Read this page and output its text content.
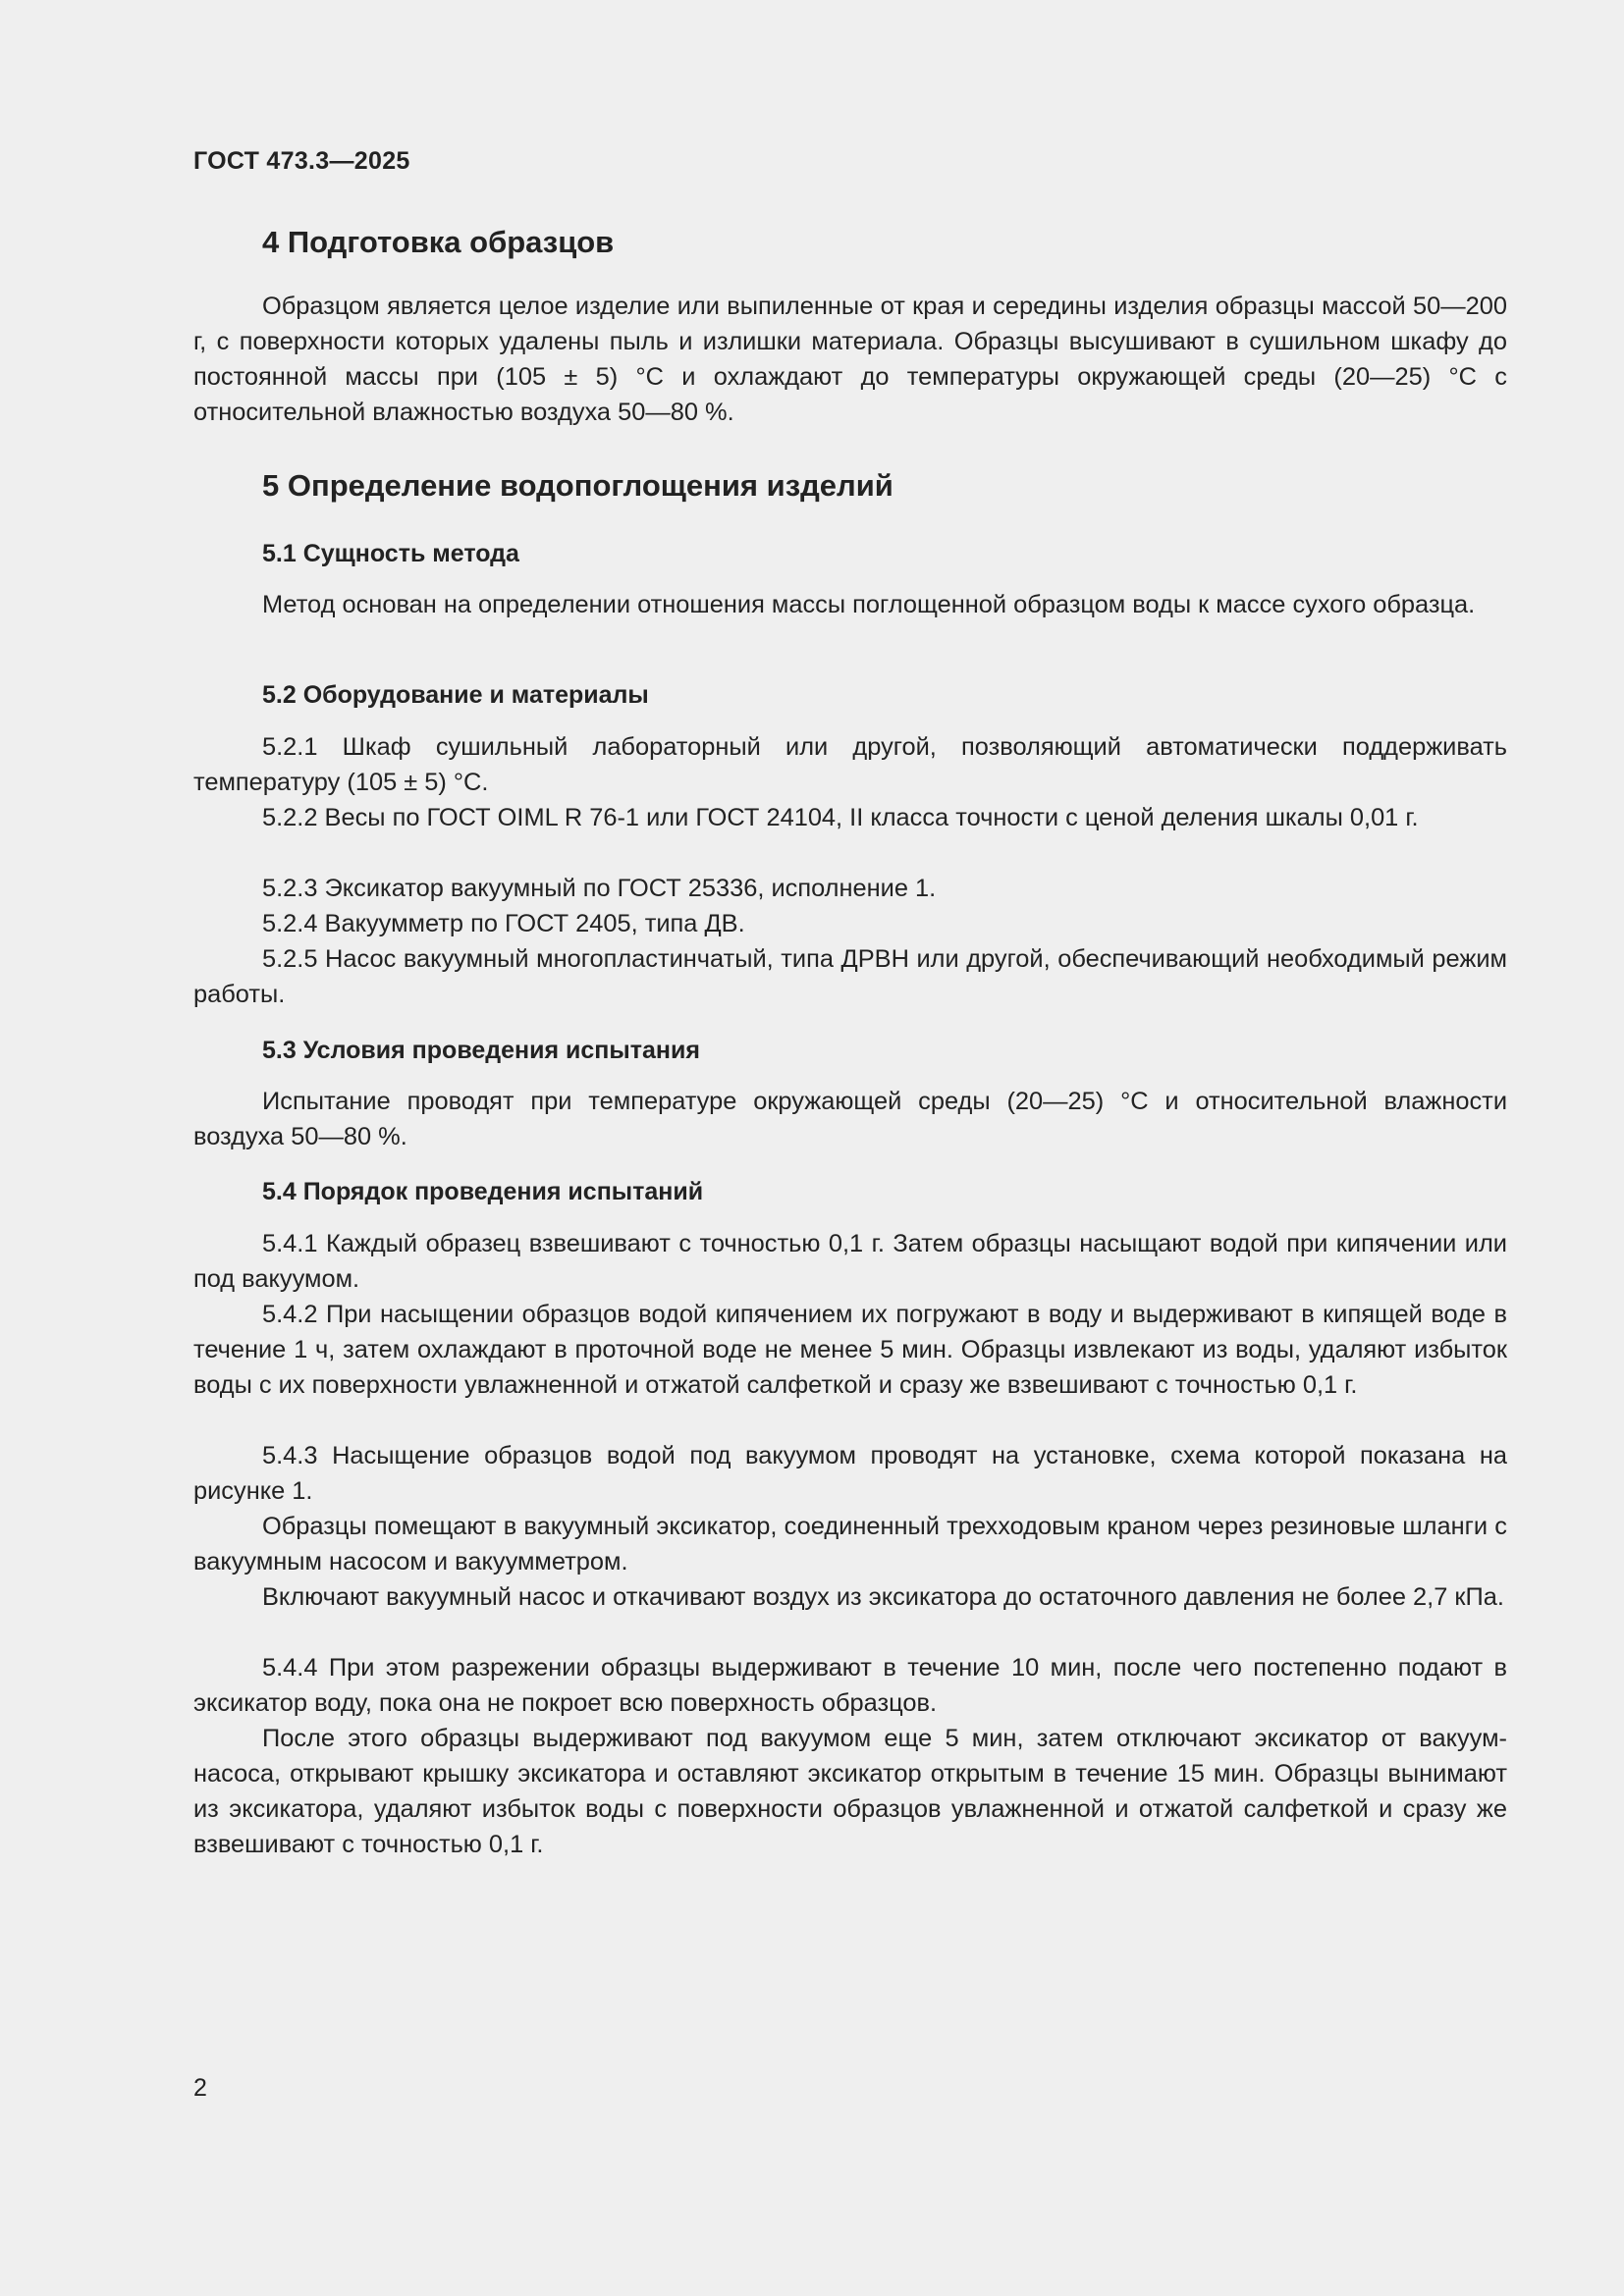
ГОСТ 473.3—2025
4 Подготовка образцов
Образцом является целое изделие или выпиленные от края и середины изделия образцы массой 50—200 г, с поверхности которых удалены пыль и излишки материала. Образцы высушивают в сушильном шкафу до постоянной массы при (105 ± 5) °С и охлаждают до температуры окружающей среды (20—25) °С с относительной влажностью воздуха 50—80 %.
5 Определение водопоглощения изделий
5.1 Сущность метода
Метод основан на определении отношения массы поглощенной образцом воды к массе сухого образца.
5.2 Оборудование и материалы
5.2.1 Шкаф сушильный лабораторный или другой, позволяющий автоматически поддерживать температуру (105 ± 5) °С.
5.2.2 Весы по ГОСТ OIML R 76-1 или ГОСТ 24104, II класса точности с ценой деления шкалы 0,01 г.
5.2.3 Эксикатор вакуумный по ГОСТ 25336, исполнение 1.
5.2.4 Вакуумметр по ГОСТ 2405, типа ДВ.
5.2.5 Насос вакуумный многопластинчатый, типа ДРВН или другой, обеспечивающий необходимый режим работы.
5.3 Условия проведения испытания
Испытание проводят при температуре окружающей среды (20—25) °С и относительной влажности воздуха 50—80 %.
5.4 Порядок проведения испытаний
5.4.1 Каждый образец взвешивают с точностью 0,1 г. Затем образцы насыщают водой при кипячении или под вакуумом.
5.4.2 При насыщении образцов водой кипячением их погружают в воду и выдерживают в кипящей воде в течение 1 ч, затем охлаждают в проточной воде не менее 5 мин. Образцы извлекают из воды, удаляют избыток воды с их поверхности увлажненной и отжатой салфеткой и сразу же взвешивают с точностью 0,1 г.
5.4.3 Насыщение образцов водой под вакуумом проводят на установке, схема которой показана на рисунке 1.
Образцы помещают в вакуумный эксикатор, соединенный трехходовым краном через резиновые шланги с вакуумным насосом и вакуумметром.
Включают вакуумный насос и откачивают воздух из эксикатора до остаточного давления не более 2,7 кПа.
5.4.4 При этом разрежении образцы выдерживают в течение 10 мин, после чего постепенно подают в эксикатор воду, пока она не покроет всю поверхность образцов.
После этого образцы выдерживают под вакуумом еще 5 мин, затем отключают эксикатор от вакуум-насоса, открывают крышку эксикатора и оставляют эксикатор открытым в течение 15 мин. Образцы вынимают из эксикатора, удаляют избыток воды с поверхности образцов увлажненной и отжатой салфеткой и сразу же взвешивают с точностью 0,1 г.
2
